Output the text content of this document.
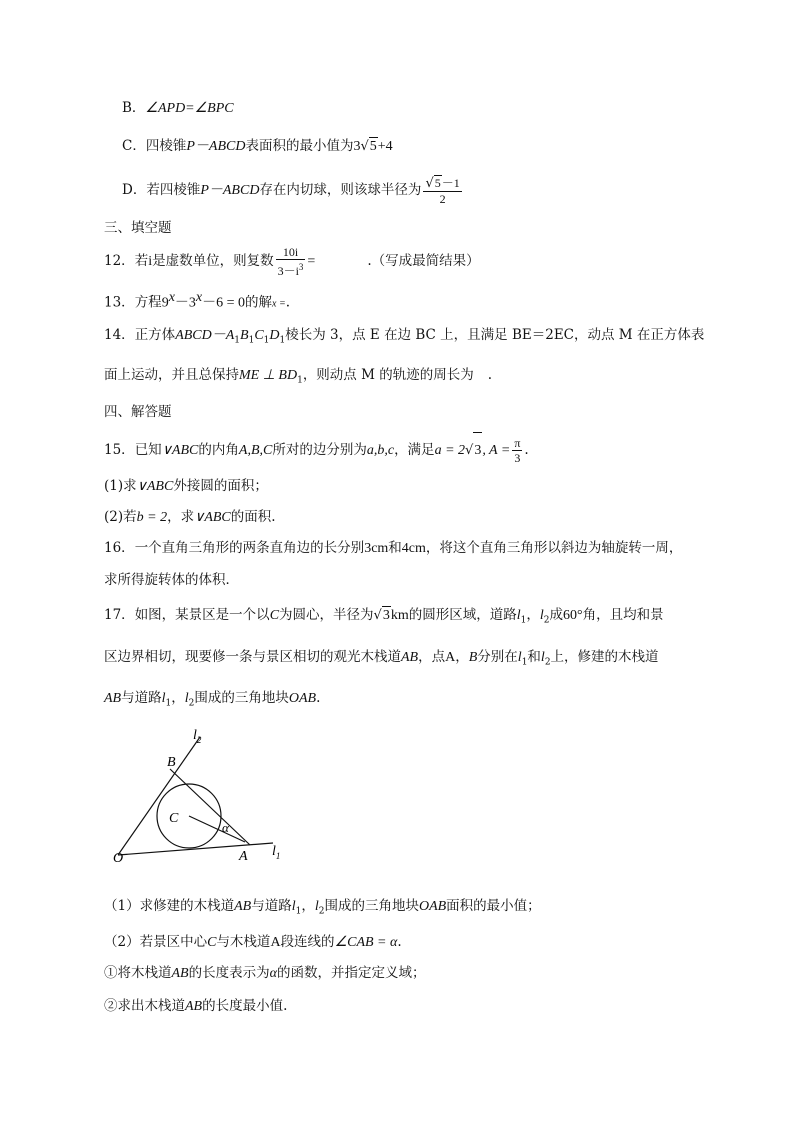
B．∠APD=∠BPC
C．四棱锥P－ABCD表面积的最小值为3√5+4
D．若四棱锥P－ABCD存在内切球，则该球半径为 $\frac{√5-1}{2}$
三、填空题
12．若i是虚数单位，则复数 $\frac{10i}{3-i^3}$ =	.（写成最简结果）
13．方程$9^x-3^x-6 = 0$的解x =.
14．正方体$ABCD-A_1B_1C_1D_1$棱长为 3，点 E 在边 BC 上，且满足 BE＝2EC，动点 M 在正方体表
面上运动，并且总保持ME ⊥ $BD_1$，则动点 M 的轨迹的周长为 .
四、解答题
15．已知∨ABC的内角A,B,C所对的边分别为a,b,c，满足a = 2√3, $A = \frac{\pi}{3}$ .
(1)求∨ABC外接圆的面积；
(2)若b = 2，求∨ABC的面积.
16．一个直角三角形的两条直角边的长分别3cm和4cm，将这个直角三角形以斜边为轴旋转一周，
求所得旋转体的体积．
17．如图，某景区是一个以C为圆心，半径为√3km的圆形区域，道路$l_1$，$l_2$成60°角，且均和景
区边界相切，现要修一条与景区相切的观光木栈道AB，点A，B分别在$l_1$和$l_2$上，修建的木栈道
AB与道路$l_1$，$l_2$围成的三角地块OAB.
$l_2$
B
C
α
O	A $l_1$
（1）求修建的木栈道AB与道路$l_1$，$l_2$围成的三角地块OAB面积的最小值；
（2）若景区中心C与木栈道A段连线的∠CAB = α.
①将木栈道AB的长度表示为α的函数，并指定定义域；
②求出木栈道AB的长度最小值.
